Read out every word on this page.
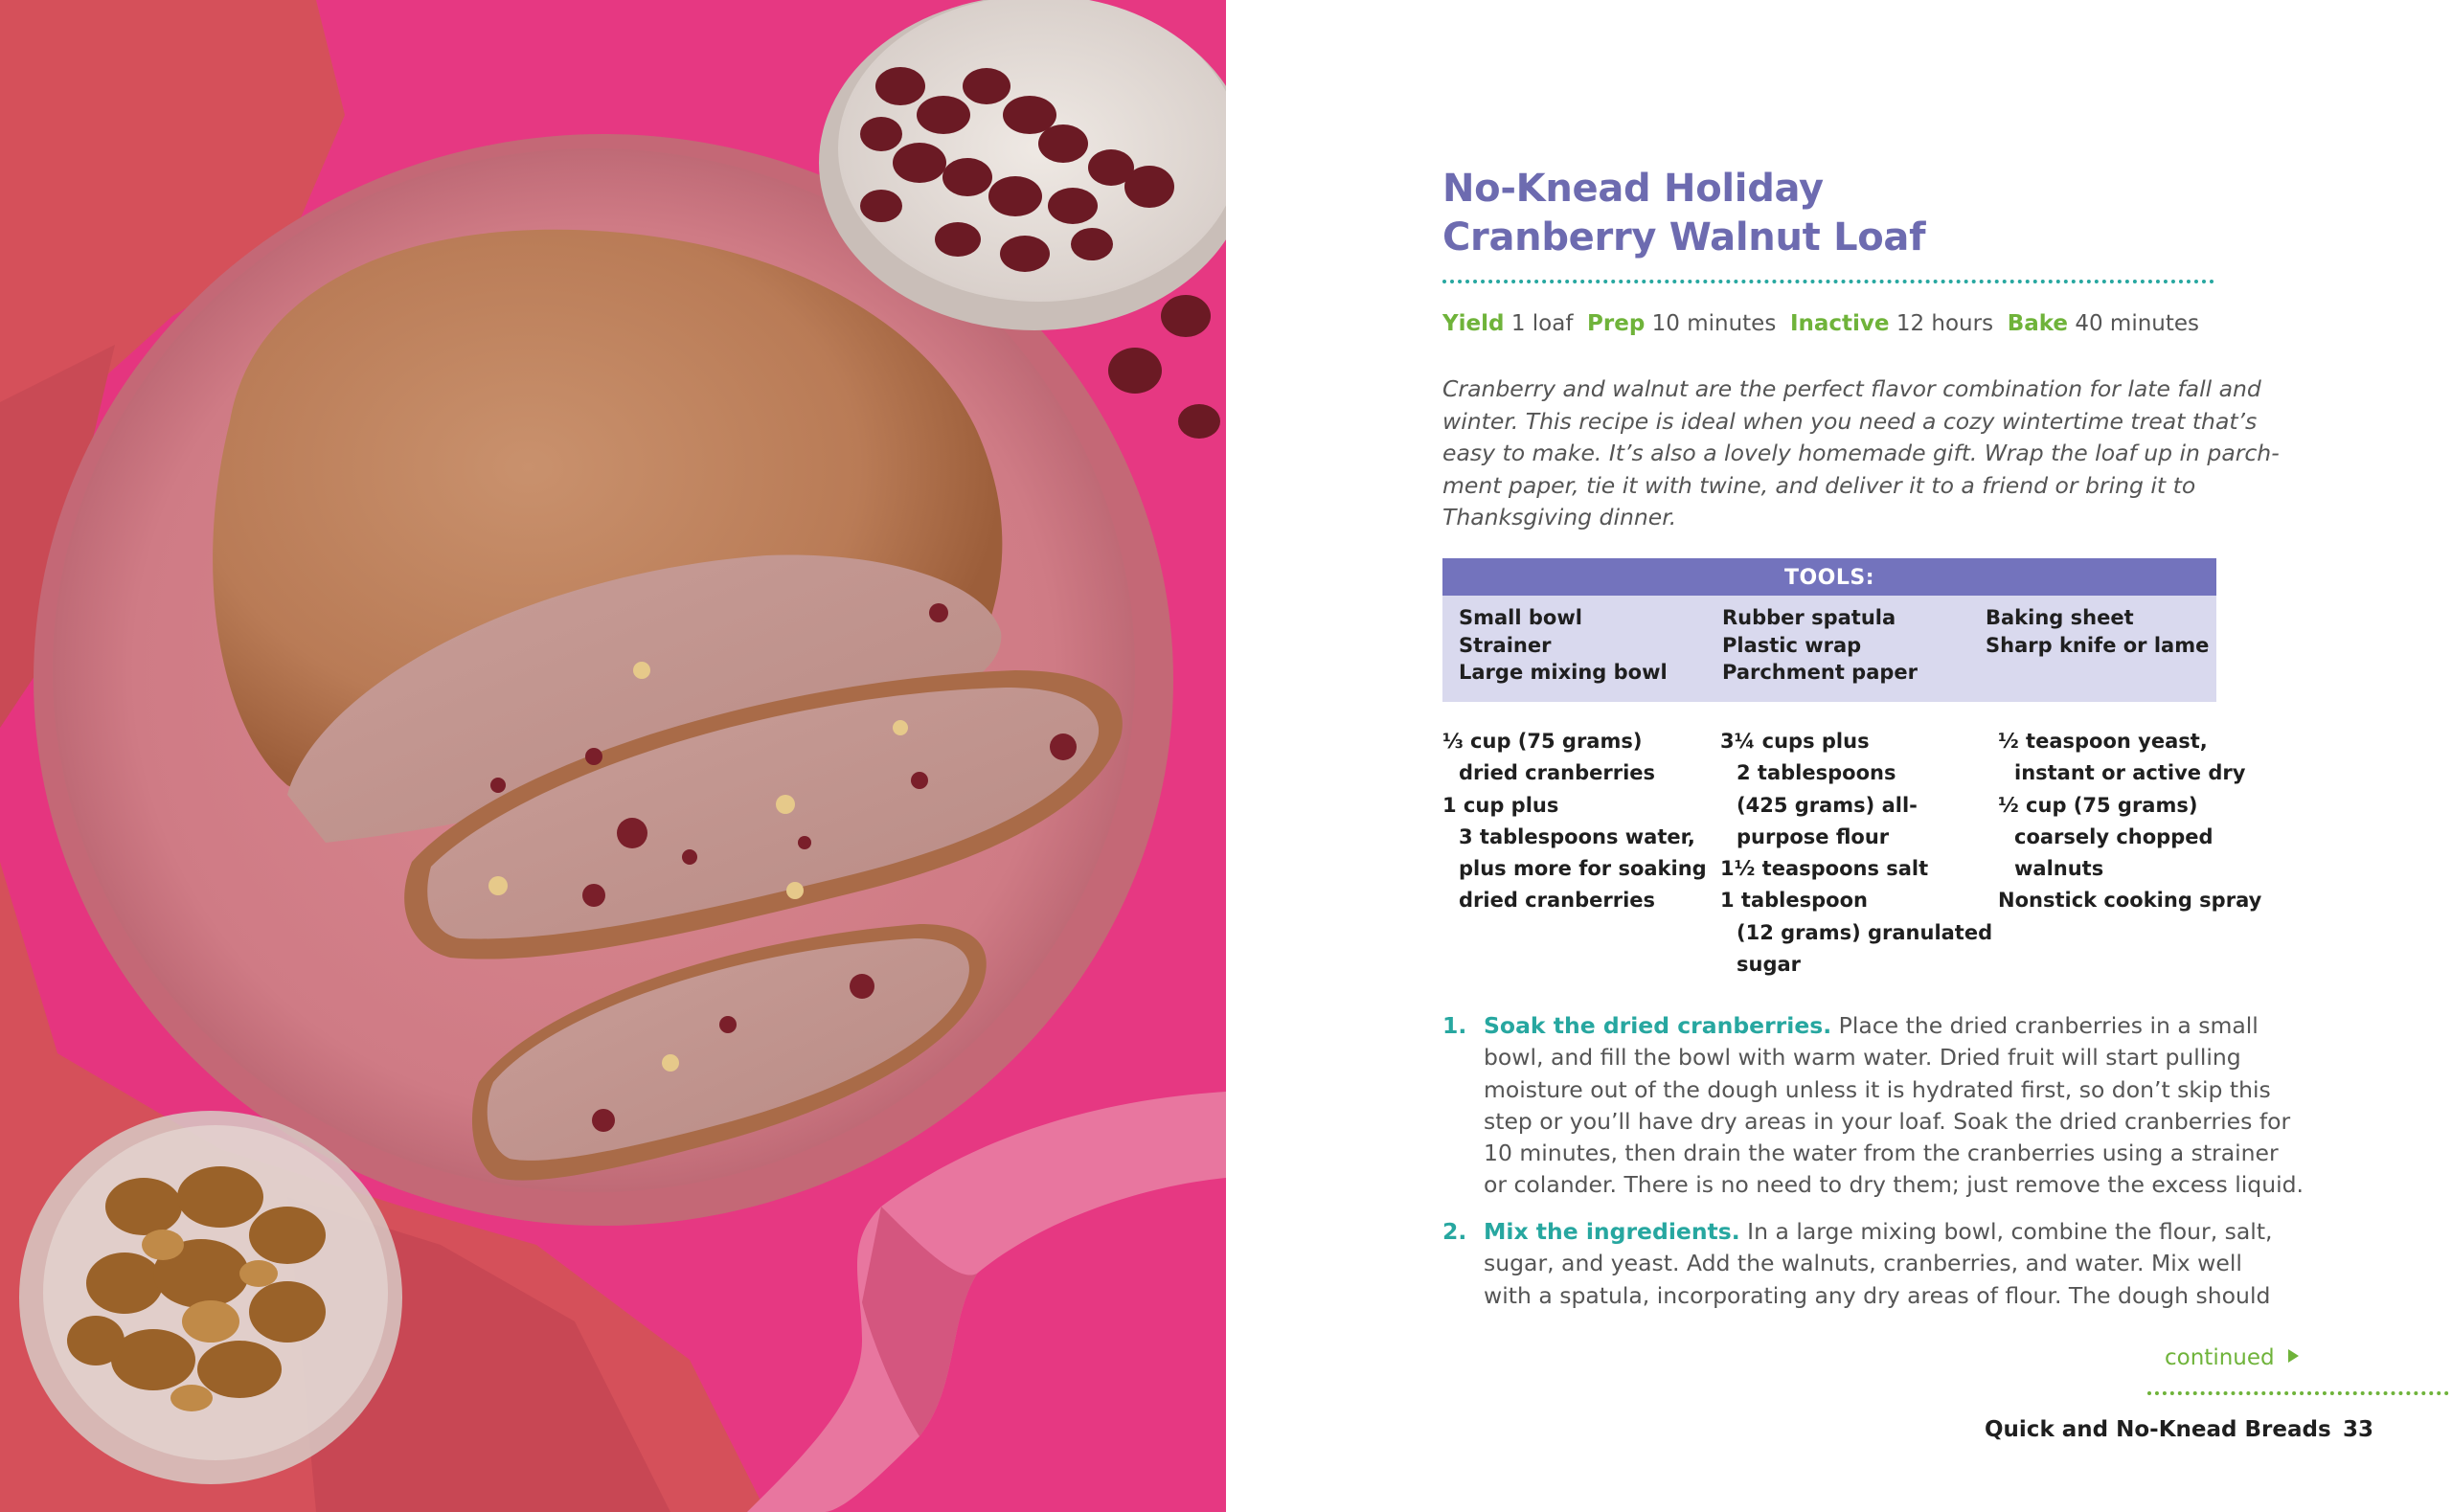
No-Knead Holiday
Cranberry Walnut Loaf
Yield 1 loaf Prep 10 minutes Inactive 12 hours Bake 40 minutes
Cranberry and walnut are the perfect flavor combination for late fall and
winter. This recipe is ideal when you need a cozy wintertime treat that’s
easy to make. It’s also a lovely homemade gift. Wrap the loaf up in parch-
ment paper, tie it with twine, and deliver it to a friend or bring it to
Thanksgiving dinner.
TOOLS:
Small bowl
Strainer
Large mixing bowl
Rubber spatula
Plastic wrap
Parchment paper
Baking sheet
Sharp knife or lame
⅓ cup (75 grams)
dried cranberries
1 cup plus
3 tablespoons water,
plus more for soaking
dried cranberries
3¼ cups plus
2 tablespoons
(425 grams) all-
purpose flour
1½ teaspoons salt
1 tablespoon
(12 grams) granulated
sugar
½ teaspoon yeast,
instant or active dry
½ cup (75 grams)
coarsely chopped
walnuts
Nonstick cooking spray
1. Soak the dried cranberries. Place the dried cranberries in a small
bowl, and fill the bowl with warm water. Dried fruit will start pulling
moisture out of the dough unless it is hydrated first, so don’t skip this
step or you’ll have dry areas in your loaf. Soak the dried cranberries for
10 minutes, then drain the water from the cranberries using a strainer
or colander. There is no need to dry them; just remove the excess liquid.
2. Mix the ingredients. In a large mixing bowl, combine the flour, salt,
sugar, and yeast. Add the walnuts, cranberries, and water. Mix well
with a spatula, incorporating any dry areas of flour. The dough should
continued
Quick and No-Knead Breads 33
